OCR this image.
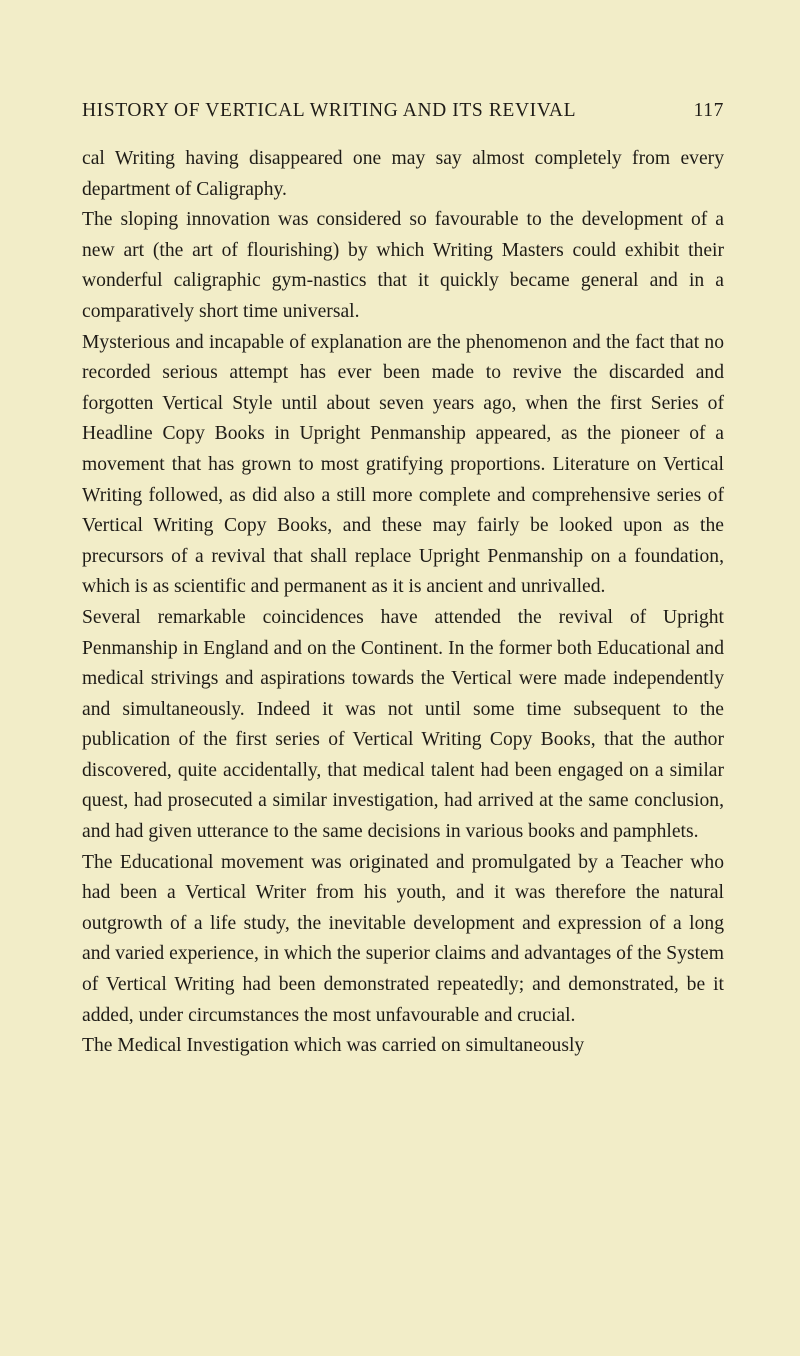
HISTORY OF VERTICAL WRITING AND ITS REVIVAL	117

cal Writing having disappeared one may say almost completely from every department of Caligraphy.

The sloping innovation was considered so favourable to the development of a new art (the art of flourishing) by which Writing Masters could exhibit their wonderful caligraphic gym-nastics that it quickly became general and in a comparatively short time universal.

Mysterious and incapable of explanation are the phenomenon and the fact that no recorded serious attempt has ever been made to revive the discarded and forgotten Vertical Style until about seven years ago, when the first Series of Headline Copy Books in Upright Penmanship appeared, as the pioneer of a movement that has grown to most gratifying proportions. Literature on Vertical Writing followed, as did also a still more complete and comprehensive series of Vertical Writing Copy Books, and these may fairly be looked upon as the precursors of a revival that shall replace Upright Penmanship on a foundation, which is as scientific and permanent as it is ancient and unrivalled.

Several remarkable coincidences have attended the revival of Upright Penmanship in England and on the Continent. In the former both Educational and medical strivings and aspirations towards the Vertical were made independently and simultaneously. Indeed it was not until some time subsequent to the publication of the first series of Vertical Writing Copy Books, that the author discovered, quite accidentally, that medical talent had been engaged on a similar quest, had prosecuted a similar investigation, had arrived at the same conclusion, and had given utterance to the same decisions in various books and pamphlets.

The Educational movement was originated and promulgated by a Teacher who had been a Vertical Writer from his youth, and it was therefore the natural outgrowth of a life study, the inevitable development and expression of a long and varied experience, in which the superior claims and advantages of the System of Vertical Writing had been demonstrated repeatedly; and demonstrated, be it added, under circumstances the most unfavourable and crucial.

The Medical Investigation which was carried on simultaneously
